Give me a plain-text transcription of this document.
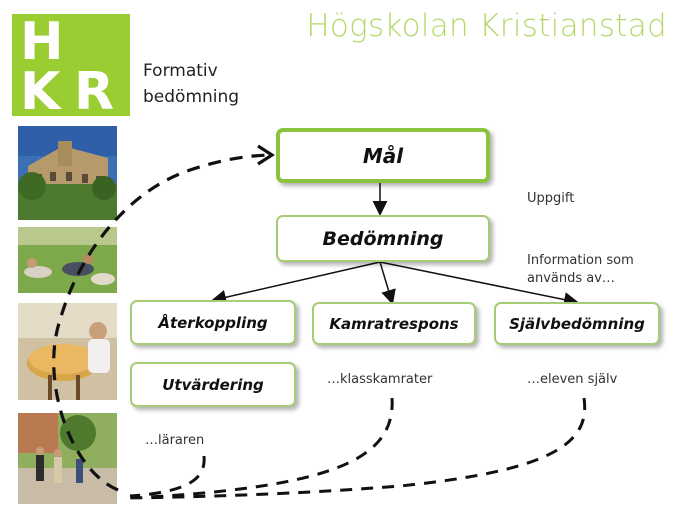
H
K R
Högskolan Kristianstad
Formativ
bedömning
Mål
Bedömning
Återkoppling	Kamratrespons	Självbedömning
Utvärdering
Uppgift
Information som
används av…
…klasskamrater	…eleven själv
…läraren
